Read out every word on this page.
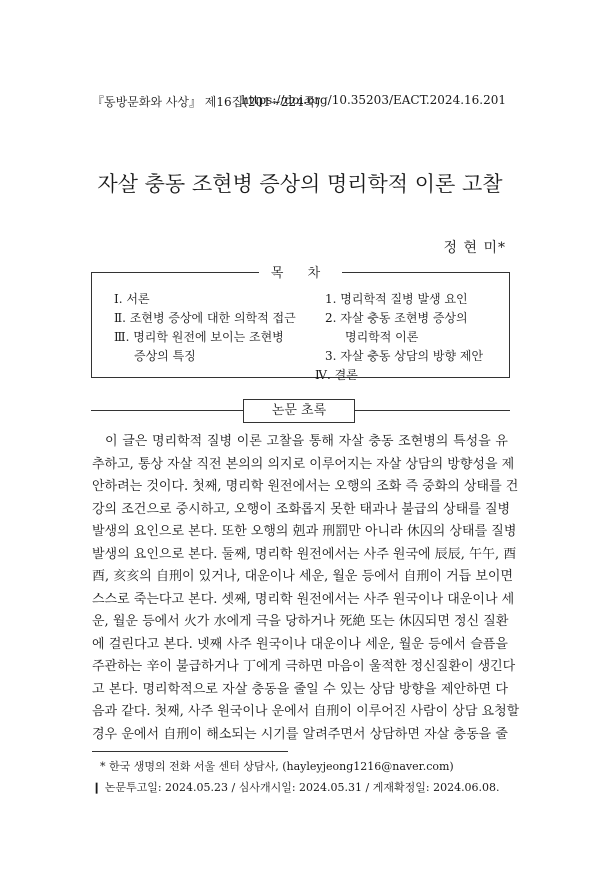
『동방문화와 사상』 제16집(201∼224쪽)
https://doi.org/10.35203/EACT.2024.16.201
자살 충동 조현병 증상의 명리학적 이론 고찰
정 현 미*
목 차
Ⅰ. 서론
Ⅱ. 조현병 증상에 대한 의학적 접근
Ⅲ. 명리학 원전에 보이는 조현병
증상의 특징
1. 명리학적 질병 발생 요인
2. 자살 충동 조현병 증상의
명리학적 이론
3. 자살 충동 상담의 방향 제안
Ⅳ. 결론
논문 초록
이 글은 명리학적 질병 이론 고찰을 통해 자살 충동 조현병의 특성을 유
추하고, 통상 자살 직전 본의의 의지로 이루어지는 자살 상담의 방향성을 제
안하려는 것이다. 첫째, 명리학 원전에서는 오행의 조화 즉 중화의 상태를 건
강의 조건으로 중시하고, 오행이 조화롭지 못한 태과나 불급의 상태를 질병
발생의 요인으로 본다. 또한 오행의 剋과 刑罰만 아니라 休囚의 상태를 질병
발생의 요인으로 본다. 둘째, 명리학 원전에서는 사주 원국에 辰辰, 午午, 酉
酉, 亥亥의 自刑이 있거나, 대운이나 세운, 월운 등에서 自刑이 거듭 보이면
스스로 죽는다고 본다. 셋째, 명리학 원전에서는 사주 원국이나 대운이나 세
운, 월운 등에서 火가 水에게 극을 당하거나 死絶 또는 休囚되면 정신 질환
에 걸린다고 본다. 넷째 사주 원국이나 대운이나 세운, 월운 등에서 슬픔을
주관하는 辛이 불급하거나 丁에게 극하면 마음이 울적한 정신질환이 생긴다
고 본다. 명리학적으로 자살 충동을 줄일 수 있는 상담 방향을 제안하면 다
음과 같다. 첫째, 사주 원국이나 운에서 自刑이 이루어진 사람이 상담 요청할
경우 운에서 自刑이 해소되는 시기를 알려주면서 상담하면 자살 충동을 줄
* 한국 생명의 전화 서울 센터 상담사, (hayleyjeong1216@naver.com)
❙ 논문투고일: 2024.05.23 / 심사개시일: 2024.05.31 / 게재확정일: 2024.06.08.
